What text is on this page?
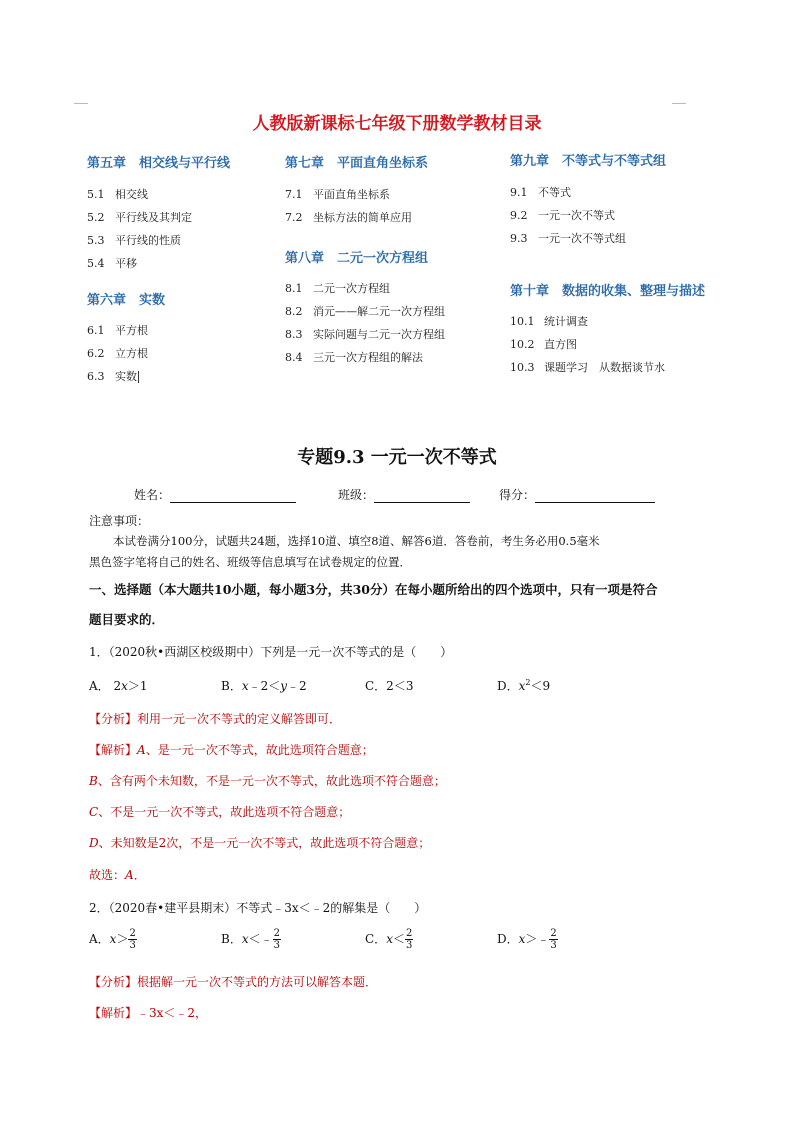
人教版新课标七年级下册数学教材目录
第五章　相交线与平行线
5.1 相交线
5.2 平行线及其判定
5.3 平行线的性质
5.4 平移
第六章　实数
6.1 平方根
6.2 立方根
6.3 实数
第七章　平面直角坐标系
7.1 平面直角坐标系
7.2 坐标方法的简单应用
第八章　二元一次方程组
8.1 二元一次方程组
8.2 消元——解二元一次方程组
8.3 实际问题与二元一次方程组
8.4 三元一次方程组的解法
第九章　不等式与不等式组
9.1 不等式
9.2 一元一次不等式
9.3 一元一次不等式组
第十章　数据的收集、整理与描述
10.1 统计调查
10.2 直方图
10.3 课题学习　从数据谈节水
专题9.3 一元一次不等式
姓名：	班级：	得分：
注意事项：
本试卷满分100分，试题共24题，选择10道、填空8道、解答6道．答卷前，考生务必用0.5毫米
黑色签字笔将自己的姓名、班级等信息填写在试卷规定的位置．
一、选择题（本大题共10小题，每小题3分，共30分）在每小题所给出的四个选项中，只有一项是符合
题目要求的．
1．（2020秋•西湖区校级期中）下列是一元一次不等式的是（　　）
A． 2x＞1	B．x﹣2＜y﹣2	C．2＜3	D．$x^2<9$
【分析】利用一元一次不等式的定义解答即可．
【解析】A、是一元一次不等式，故此选项符合题意；
B、含有两个未知数，不是一元一次不等式，故此选项不符合题意；
C、不是一元一次不等式，故此选项不符合题意；
D、未知数是2次，不是一元一次不等式，故此选项不符合题意；
故选：A．
2．（2020春•建平县期末）不等式﹣3x＜﹣2的解集是（　　）
A．$x> \frac{2}{3}$	B．x＜﹣ $\frac{2}{3}$	C．$x< \frac{2}{3}$	D．x＞﹣ $\frac{2}{3}$
【分析】根据解一元一次不等式的方法可以解答本题．
【解析】﹣3x＜﹣2，
